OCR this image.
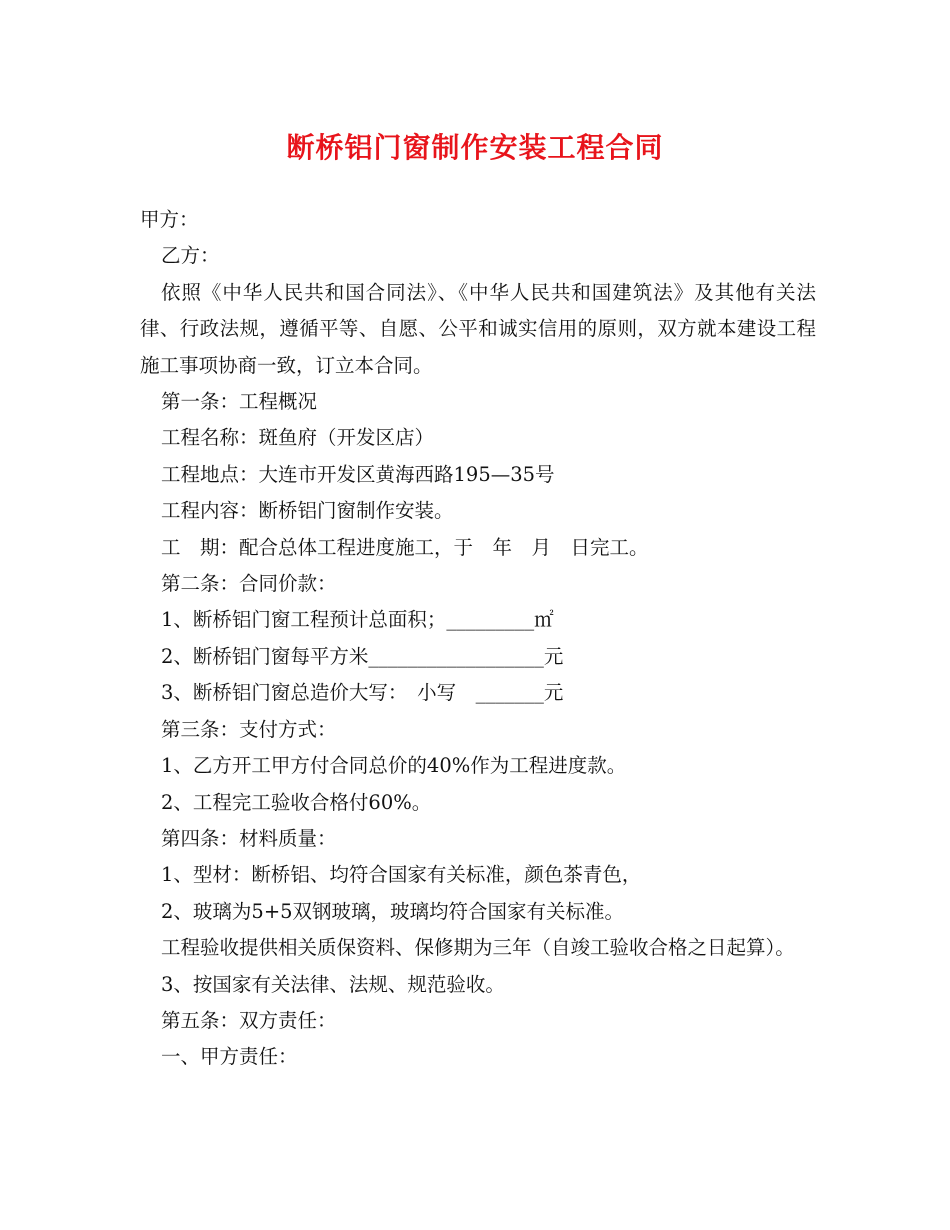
断桥铝门窗制作安装工程合同

甲方：

乙方：

依照《中华人民共和国合同法》、《中华人民共和国建筑法》及其他有关法律、行政法规，遵循平等、自愿、公平和诚实信用的原则，双方就本建设工程施工事项协商一致，订立本合同。

第一条：工程概况

工程名称：斑鱼府（开发区店）

工程地点：大连市开发区黄海西路195—35号

工程内容：断桥铝门窗制作安装。

工　期：配合总体工程进度施工，于　年　月　日完工。

第二条：合同价款：

1、断桥铝门窗工程预计总面积；_________㎡

2、断桥铝门窗每平方米__________________元

3、断桥铝门窗总造价大写：　小写　_______元

第三条：支付方式：

1、乙方开工甲方付合同总价的40%作为工程进度款。

2、工程完工验收合格付60%。

第四条：材料质量：

1、型材：断桥铝、均符合国家有关标准，颜色茶青色，

2、玻璃为5+5双钢玻璃，玻璃均符合国家有关标准。

工程验收提供相关质保资料、保修期为三年（自竣工验收合格之日起算）。

3、按国家有关法律、法规、规范验收。

第五条：双方责任：

一、甲方责任：
